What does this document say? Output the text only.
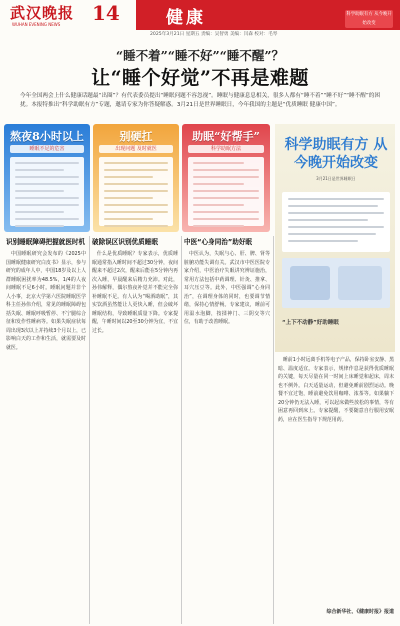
武汉晚报
WUHAN EVENING NEWS 14	健康
2025年3月21日 星期五 责编：吴智勇 美编：闫森 校对：毛琴
科学助眠有方 从今晚开始改变
“睡不着”“睡不好”“睡不醒”？
让“睡个好觉”不再是难题
今年全国两会上什么健康话题最“出圈”？有代表委员提出“睡眠问题不容忽视”。睡眠与健康息息相关，很多人都有“睡不着”“睡不好”“睡不醒”的困扰。本报特推出“科学助眠有方”专题，邀请专家为你答疑解惑。3月21日是世界睡眠日，今年我国的主题是“优质睡眠 健康中国”。
熬夜8小时以上
睡眠不足的危害
别硬扛
出现问题 及时就医
助眠“好帮手”
科学助眠方法	科学助眠有方 从今晚开始改变
3月21日是世界睡眠日
“上下不动静”好助睡眠
识别睡眠障碍把握就医时机
中国睡眠研究会发布的《2025中国睡眠健康研究白皮书》显示，参与研究的成年人中，中国18岁及以上人群睡眠困扰率为48.5%，1/4的人夜间睡眠不足6小时。睡眠问题并非个人小事，北京大学第六医院睡眠医学科主任孙伟介绍，常见的睡眠障碍包括失眠、睡眠呼吸暂停、不宁腿综合征和发作性睡病等。如果失眠症状每周出现3次以上并持续3个月以上，已影响白天的工作和生活，就需要及时就医。
破除误区识别优质睡眠
什么是优质睡眠？专家表示，优质睡眠通常指入睡时间不超过30分钟，夜间醒来不超过2次，醒来后能在5分钟内再次入睡，早晨醒来后精力充沛。对此，孙伟解释，偶尔熬夜补觉并不能完全弥补睡眠不足。有人认为“喝酒助眠”，其实饮酒虽然能让人更快入睡，但会破坏睡眠结构，导致睡眠质量下降。专家提醒，午睡时间以20至30分钟为宜，不宜过长。
中医“心身同治”助好眠
中医认为，失眠与心、肝、脾、肾等脏腑功能失调有关。武汉市中医医院专家介绍，中医治疗失眠讲究辨证施治，常用方法包括中药调理、针灸、推拿、耳穴压豆等。此外，中医强调“心身同治”，在调理身体的同时，也要调节情绪，保持心情舒畅。专家建议，睡前可用温水泡脚，按揉神门、三阴交等穴位，有助于改善睡眠。
睡前1小时远离手机等电子产品，保持卧室安静、黑暗、温度适宜。专家表示，规律作息是获得优质睡眠的关键，每天尽量在同一时间上床睡觉和起床，周末也不例外。白天适量运动，但避免睡前剧烈运动。晚餐不宜过饱，睡前避免饮用咖啡、浓茶等。如果躺下20分钟仍无法入睡，可以起床做些放松的事情，等有困意再回到床上。专家提醒，不要随意自行服用安眠药，应在医生指导下规范用药。
综合新华社、《健康时报》报道
